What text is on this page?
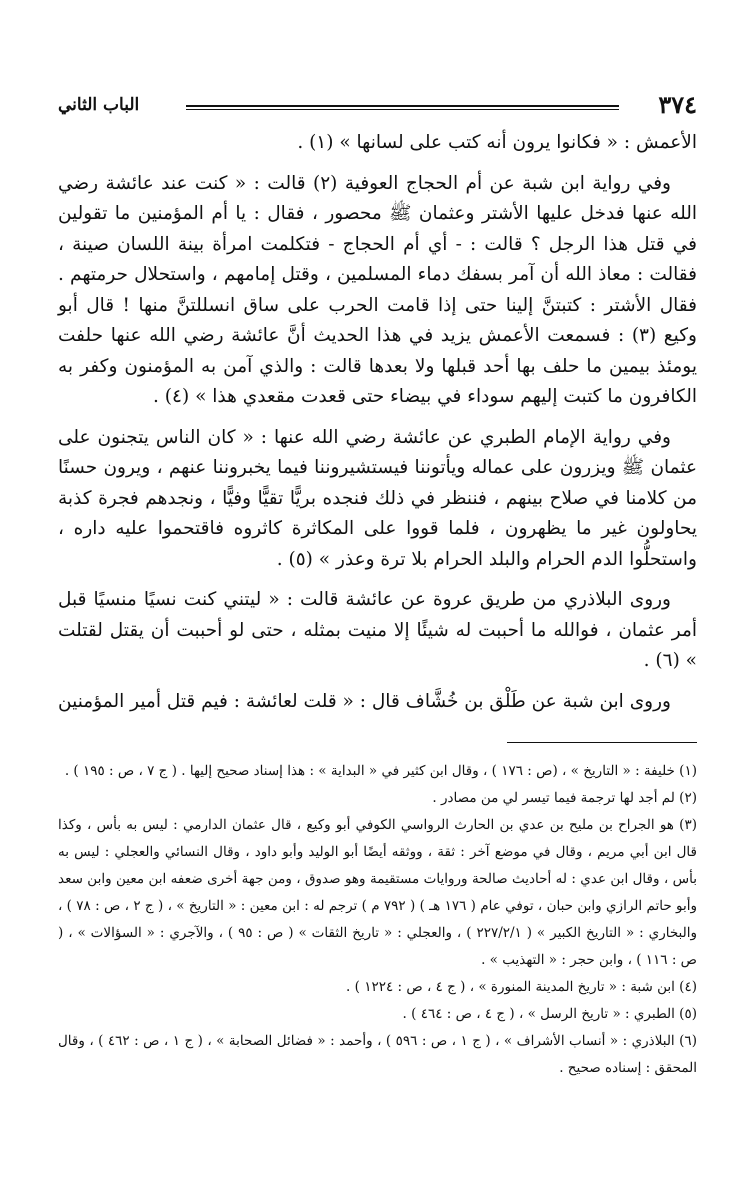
٣٧٤
الباب الثاني

الأعمش : « فكانوا يرون أنه كتب على لسانها » (١) .

وفي رواية ابن شبة عن أم الحجاج العوفية (٢) قالت : « كنت عند عائشة رضي الله عنها فدخل عليها الأشتر وعثمان ﷺ محصور ، فقال : يا أم المؤمنين ما تقولين في قتل هذا الرجل ؟ قالت : - أي أم الحجاج - فتكلمت امرأة بينة اللسان صينة ، فقالت : معاذ الله أن آمر بسفك دماء المسلمين ، وقتل إمامهم ، واستحلال حرمتهم . فقال الأشتر : كتبتنَّ إلينا حتى إذا قامت الحرب على ساق انسللتنَّ منها ! قال أبو وكيع (٣) : فسمعت الأعمش يزيد في هذا الحديث أنَّ عائشة رضي الله عنها حلفت يومئذ بيمين ما حلف بها أحد قبلها ولا بعدها قالت : والذي آمن به المؤمنون وكفر به الكافرون ما كتبت إليهم سوداء في بيضاء حتى قعدت مقعدي هذا » (٤) .

وفي رواية الإمام الطبري عن عائشة رضي الله عنها : « كان الناس يتجنون على عثمان ﷺ ويزرون على عماله ويأتوننا فيستشيروننا فيما يخبروننا عنهم ، ويرون حسنًا من كلامنا في صلاح بينهم ، فننظر في ذلك فنجده بريًّا تقيًّا وفيًّا ، ونجدهم فجرة كذبة يحاولون غير ما يظهرون ، فلما قووا على المكاثرة كاثروه فاقتحموا عليه داره ، واستحلُّوا الدم الحرام والبلد الحرام بلا ترة وعذر » (٥) .

وروى البلاذري من طريق عروة عن عائشة قالت : « ليتني كنت نسيًا منسيًا قبل أمر عثمان ، فوالله ما أحببت له شيئًا إلا منيت بمثله ، حتى لو أحببت أن يقتل لقتلت » (٦) .

وروى ابن شبة عن طَلْق بن خُشَّاف قال : « قلت لعائشة : فيم قتل أمير المؤمنين

(١) خليفة : « التاريخ » ، (ص : ١٧٦ ) ، وقال ابن كثير في « البداية » : هذا إسناد صحيح إليها . ( ج ٧ ، ص : ١٩٥ ) .

(٢) لم أجد لها ترجمة فيما تيسر لي من مصادر .

(٣) هو الجراح بن مليح بن عدي بن الحارث الرواسي الكوفي أبو وكيع ، قال عثمان الدارمي : ليس به بأس ، وكذا قال ابن أبي مريم ، وقال في موضع آخر : ثقة ، ووثقه أيضًا أبو الوليد وأبو داود ، وقال النسائي والعجلي : ليس به بأس ، وقال ابن عدي : له أحاديث صالحة وروايات مستقيمة وهو صدوق ، ومن جهة أخرى ضعفه ابن معين وابن سعد وأبو حاتم الرازي وابن حبان ، توفي عام ( ١٧٦ هـ ) ( ٧٩٢ م ) ترجم له : ابن معين : « التاريخ » ، ( ج ٢ ، ص : ٧٨ ) ، والبخاري : « التاريخ الكبير » ( ٢٢٧/٢/١ ) ، والعجلي : « تاريخ الثقات » ( ص : ٩٥ ) ، والآجري : « السؤالات » ، ( ص : ١١٦ ) ، وابن حجر : « التهذيب » .

(٤) ابن شبة : « تاريخ المدينة المنورة » ، ( ج ٤ ، ص : ١٢٢٤ ) .

(٥) الطبري : « تاريخ الرسل » ، ( ج ٤ ، ص : ٤٦٤ ) .

(٦) البلاذري : « أنساب الأشراف » ، ( ج ١ ، ص : ٥٩٦ ) ، وأحمد : « فضائل الصحابة » ، ( ج ١ ، ص : ٤٦٢ ) ، وقال المحقق : إسناده صحيح .
